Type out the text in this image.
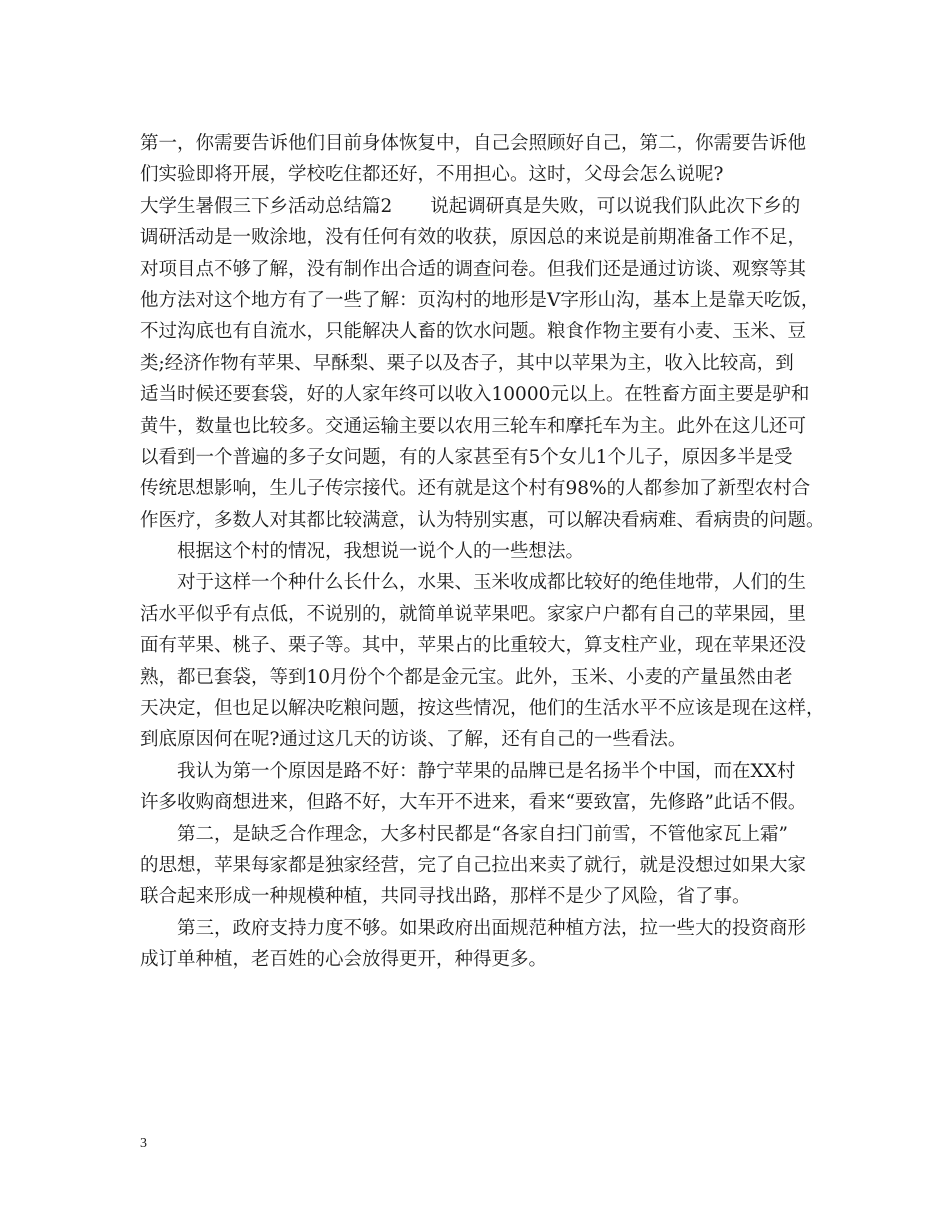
第一，你需要告诉他们目前身体恢复中，自己会照顾好自己，第二，你需要告诉他
们实验即将开展，学校吃住都还好，不用担心。这时，父母会怎么说呢?
大学生暑假三下乡活动总结篇2 说起调研真是失败，可以说我们队此次下乡的
调研活动是一败涂地，没有任何有效的收获，原因总的来说是前期准备工作不足，
对项目点不够了解，没有制作出合适的调查问卷。但我们还是通过访谈、观察等其
他方法对这个地方有了一些了解：页沟村的地形是V字形山沟，基本上是靠天吃饭，
不过沟底也有自流水，只能解决人畜的饮水问题。粮食作物主要有小麦、玉米、豆
类;经济作物有苹果、早酥梨、栗子以及杏子，其中以苹果为主，收入比较高，到
适当时候还要套袋，好的人家年终可以收入10000元以上。在牲畜方面主要是驴和
黄牛，数量也比较多。交通运输主要以农用三轮车和摩托车为主。此外在这儿还可
以看到一个普遍的多子女问题，有的人家甚至有5个女儿1个儿子，原因多半是受
传统思想影响，生儿子传宗接代。还有就是这个村有98%的人都参加了新型农村合
作医疗，多数人对其都比较满意，认为特别实惠，可以解决看病难、看病贵的问题。
根据这个村的情况，我想说一说个人的一些想法。
对于这样一个种什么长什么，水果、玉米收成都比较好的绝佳地带，人们的生
活水平似乎有点低，不说别的，就简单说苹果吧。家家户户都有自己的苹果园，里
面有苹果、桃子、栗子等。其中，苹果占的比重较大，算支柱产业，现在苹果还没
熟，都已套袋，等到10月份个个都是金元宝。此外，玉米、小麦的产量虽然由老
天决定，但也足以解决吃粮问题，按这些情况，他们的生活水平不应该是现在这样，
到底原因何在呢?通过这几天的访谈、了解，还有自己的一些看法。
我认为第一个原因是路不好：静宁苹果的品牌已是名扬半个中国，而在XX村
许多收购商想进来，但路不好，大车开不进来，看来“要致富，先修路”此话不假。
第二，是缺乏合作理念，大多村民都是“各家自扫门前雪，不管他家瓦上霜”
的思想，苹果每家都是独家经营，完了自己拉出来卖了就行，就是没想过如果大家
联合起来形成一种规模种植，共同寻找出路，那样不是少了风险，省了事。
第三，政府支持力度不够。如果政府出面规范种植方法，拉一些大的投资商形
成订单种植，老百姓的心会放得更开，种得更多。
3
